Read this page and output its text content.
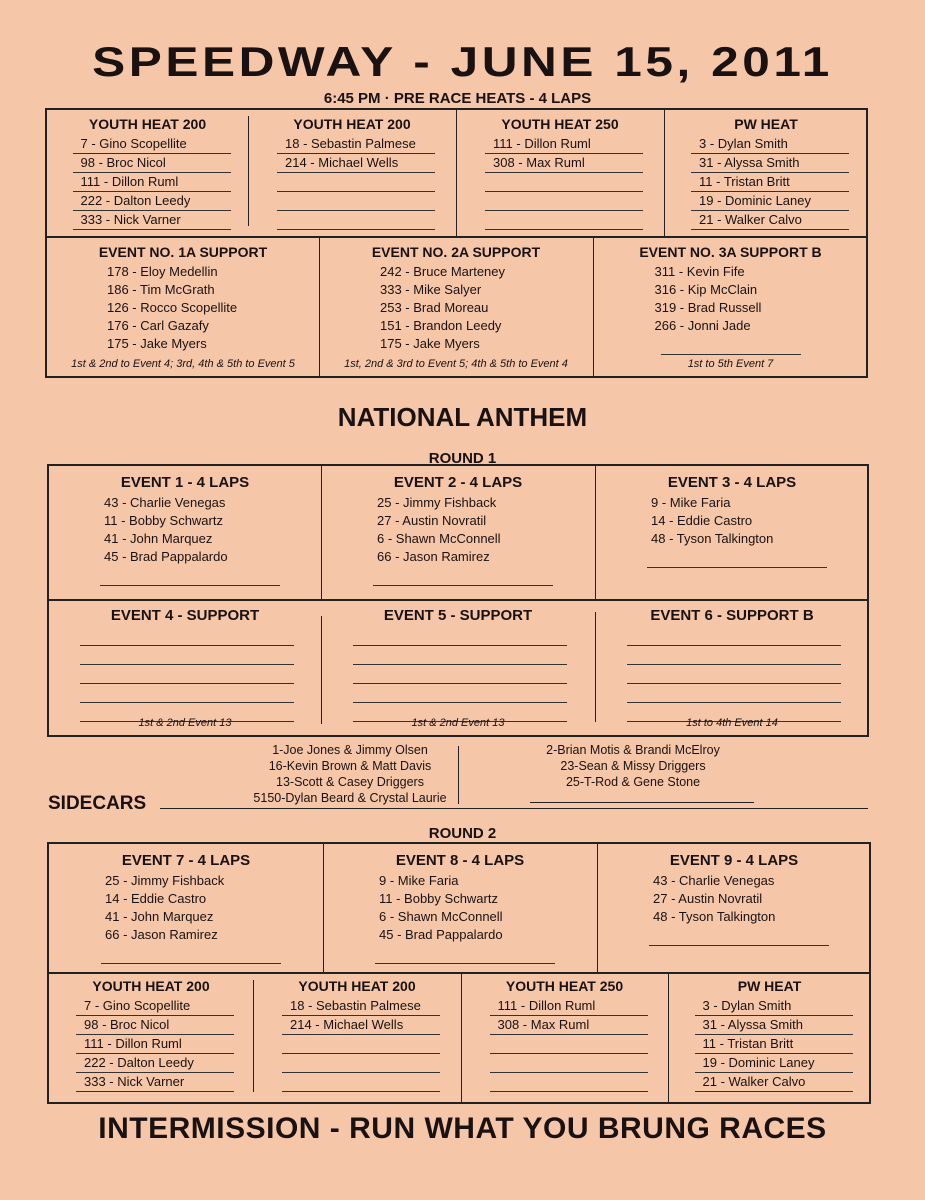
SPEEDWAY - JUNE 15, 2011
6:45 PM · PRE RACE HEATS - 4 LAPS
YOUTH HEAT 200
7 - Gino Scopellite
98 - Broc Nicol
111 - Dillon Ruml
222 - Dalton Leedy
333 - Nick Varner
YOUTH HEAT 200
18 - Sebastin Palmese
214 - Michael Wells
YOUTH HEAT 250
111 - Dillon Ruml
308 - Max Ruml
PW HEAT
3 - Dylan Smith
31 - Alyssa Smith
11 - Tristan Britt
19 - Dominic Laney
21 - Walker Calvo
EVENT NO. 1A SUPPORT
178 - Eloy Medellin
186 - Tim McGrath
126 - Rocco Scopellite
176 - Carl Gazafy
175 - Jake Myers
1st & 2nd to Event 4; 3rd, 4th & 5th to Event 5
EVENT NO. 2A SUPPORT
242 - Bruce Marteney
333 - Mike Salyer
253 - Brad Moreau
151 - Brandon Leedy
175 - Jake Myers
1st, 2nd & 3rd to Event 5; 4th & 5th to Event 4
EVENT NO. 3A SUPPORT B
311 - Kevin Fife
316 - Kip McClain
319 - Brad Russell
266 - Jonni Jade
1st to 5th Event 7
NATIONAL ANTHEM
ROUND 1
EVENT 1 - 4 LAPS
43 - Charlie Venegas
11 - Bobby Schwartz
41 - John Marquez
45 - Brad Pappalardo
EVENT 2 - 4 LAPS
25 - Jimmy Fishback
27 - Austin Novratil
6 - Shawn McConnell
66 - Jason Ramirez
EVENT 3 - 4 LAPS
9 - Mike Faria
14 - Eddie Castro
48 - Tyson Talkington
EVENT 4 - SUPPORT
1st & 2nd Event 13
EVENT 5 - SUPPORT
1st & 2nd Event 13
EVENT 6 - SUPPORT B
1st to 4th Event 14
SIDECARS
1-Joe Jones & Jimmy Olsen
16-Kevin Brown & Matt Davis
13-Scott & Casey Driggers
5150-Dylan Beard & Crystal Laurie
2-Brian Motis & Brandi McElroy
23-Sean & Missy Driggers
25-T-Rod & Gene Stone
ROUND 2
EVENT 7 - 4 LAPS
25 - Jimmy Fishback
14 - Eddie Castro
41 - John Marquez
66 - Jason Ramirez
EVENT 8 - 4 LAPS
9 - Mike Faria
11 - Bobby Schwartz
6 - Shawn McConnell
45 - Brad Pappalardo
EVENT 9 - 4 LAPS
43 - Charlie Venegas
27 - Austin Novratil
48 - Tyson Talkington
YOUTH HEAT 200
7 - Gino Scopellite
98 - Broc Nicol
111 - Dillon Ruml
222 - Dalton Leedy
333 - Nick Varner
YOUTH HEAT 200
18 - Sebastin Palmese
214 - Michael Wells
YOUTH HEAT 250
111 - Dillon Ruml
308 - Max Ruml
PW HEAT
3 - Dylan Smith
31 - Alyssa Smith
11 - Tristan Britt
19 - Dominic Laney
21 - Walker Calvo
INTERMISSION - RUN WHAT YOU BRUNG RACES
